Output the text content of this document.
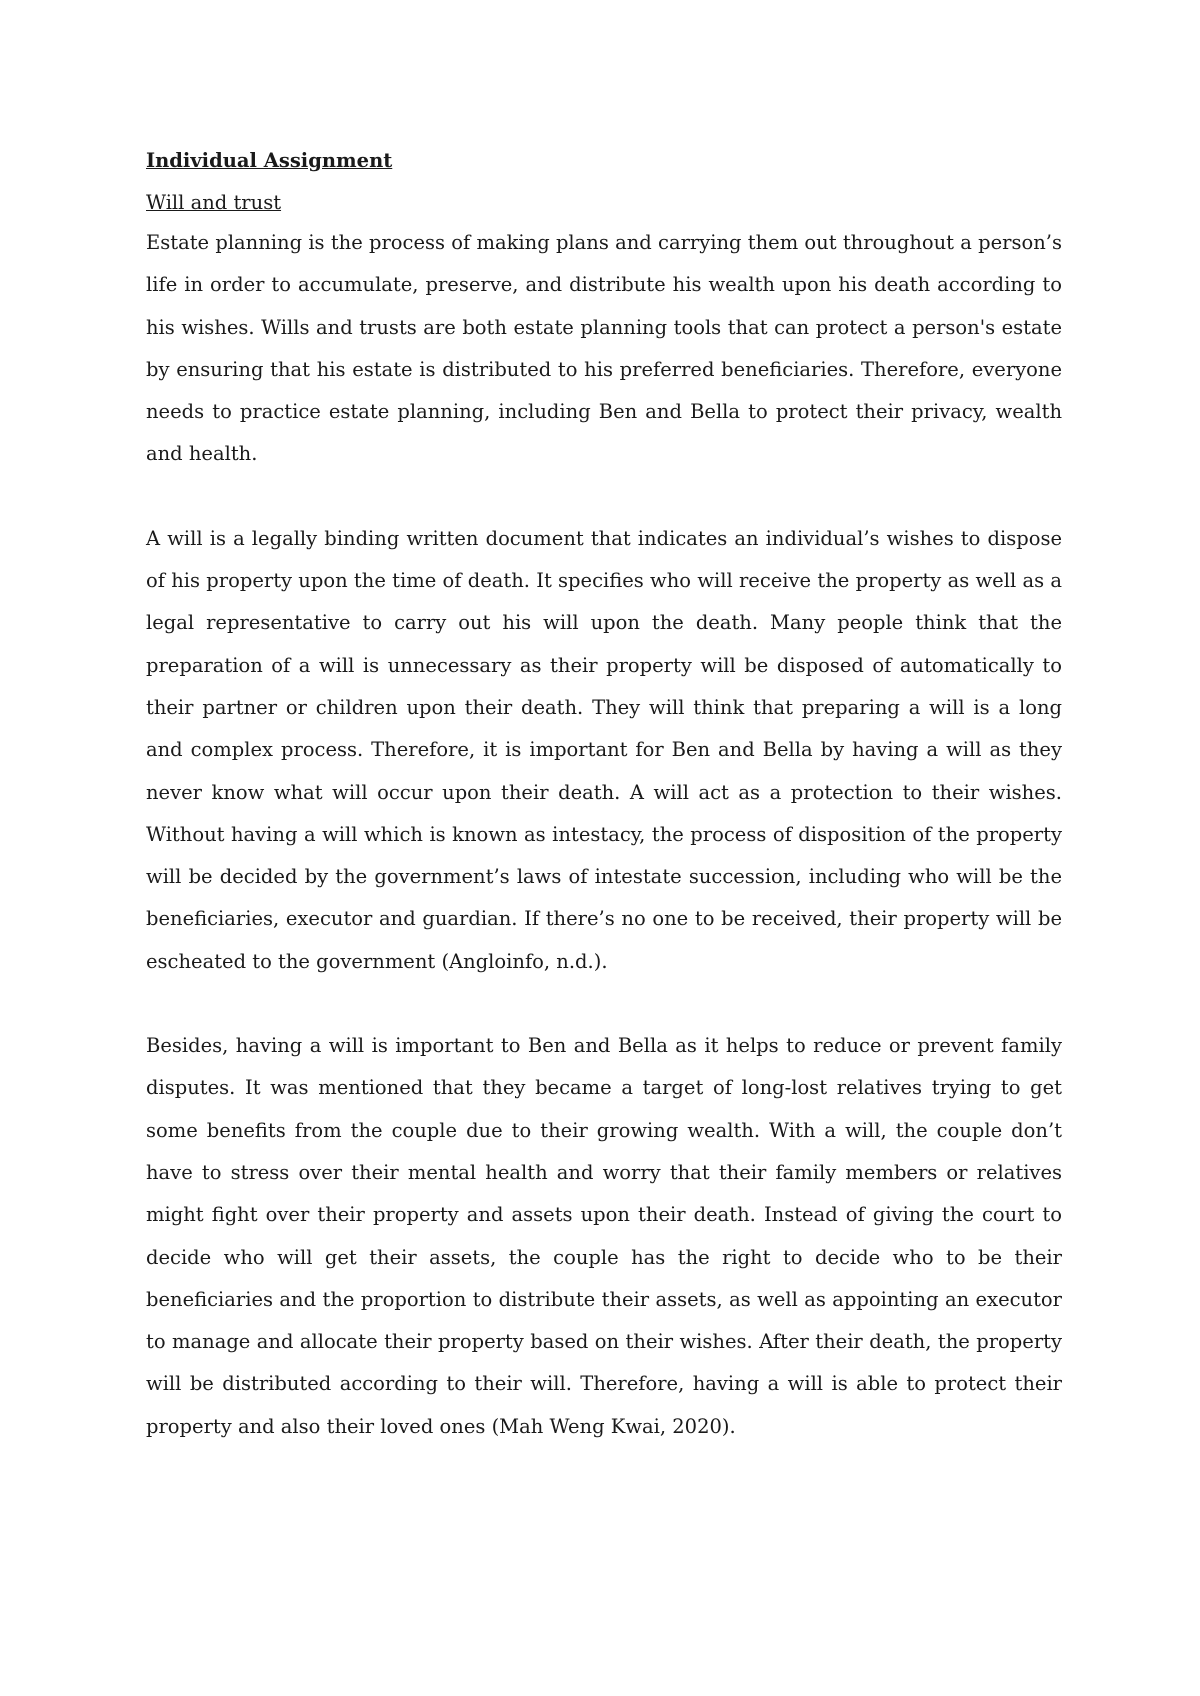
Individual Assignment
Will and trust

Estate planning is the process of making plans and carrying them out throughout a person’s life in order to accumulate, preserve, and distribute his wealth upon his death according to his wishes. Wills and trusts are both estate planning tools that can protect a person's estate by ensuring that his estate is distributed to his preferred beneficiaries. Therefore, everyone needs to practice estate planning, including Ben and Bella to protect their privacy, wealth and health.

A will is a legally binding written document that indicates an individual’s wishes to dispose of his property upon the time of death. It specifies who will receive the property as well as a legal representative to carry out his will upon the death. Many people think that the preparation of a will is unnecessary as their property will be disposed of automatically to their partner or children upon their death. They will think that preparing a will is a long and complex process. Therefore, it is important for Ben and Bella by having a will as they never know what will occur upon their death. A will act as a protection to their wishes. Without having a will which is known as intestacy, the process of disposition of the property will be decided by the government’s laws of intestate succession, including who will be the beneficiaries, executor and guardian. If there’s no one to be received, their property will be escheated to the government (Angloinfo, n.d.).

Besides, having a will is important to Ben and Bella as it helps to reduce or prevent family disputes. It was mentioned that they became a target of long-lost relatives trying to get some benefits from the couple due to their growing wealth. With a will, the couple don’t have to stress over their mental health and worry that their family members or relatives might fight over their property and assets upon their death. Instead of giving the court to decide who will get their assets, the couple has the right to decide who to be their beneficiaries and the proportion to distribute their assets, as well as appointing an executor to manage and allocate their property based on their wishes. After their death, the property will be distributed according to their will. Therefore, having a will is able to protect their property and also their loved ones (Mah Weng Kwai, 2020).
